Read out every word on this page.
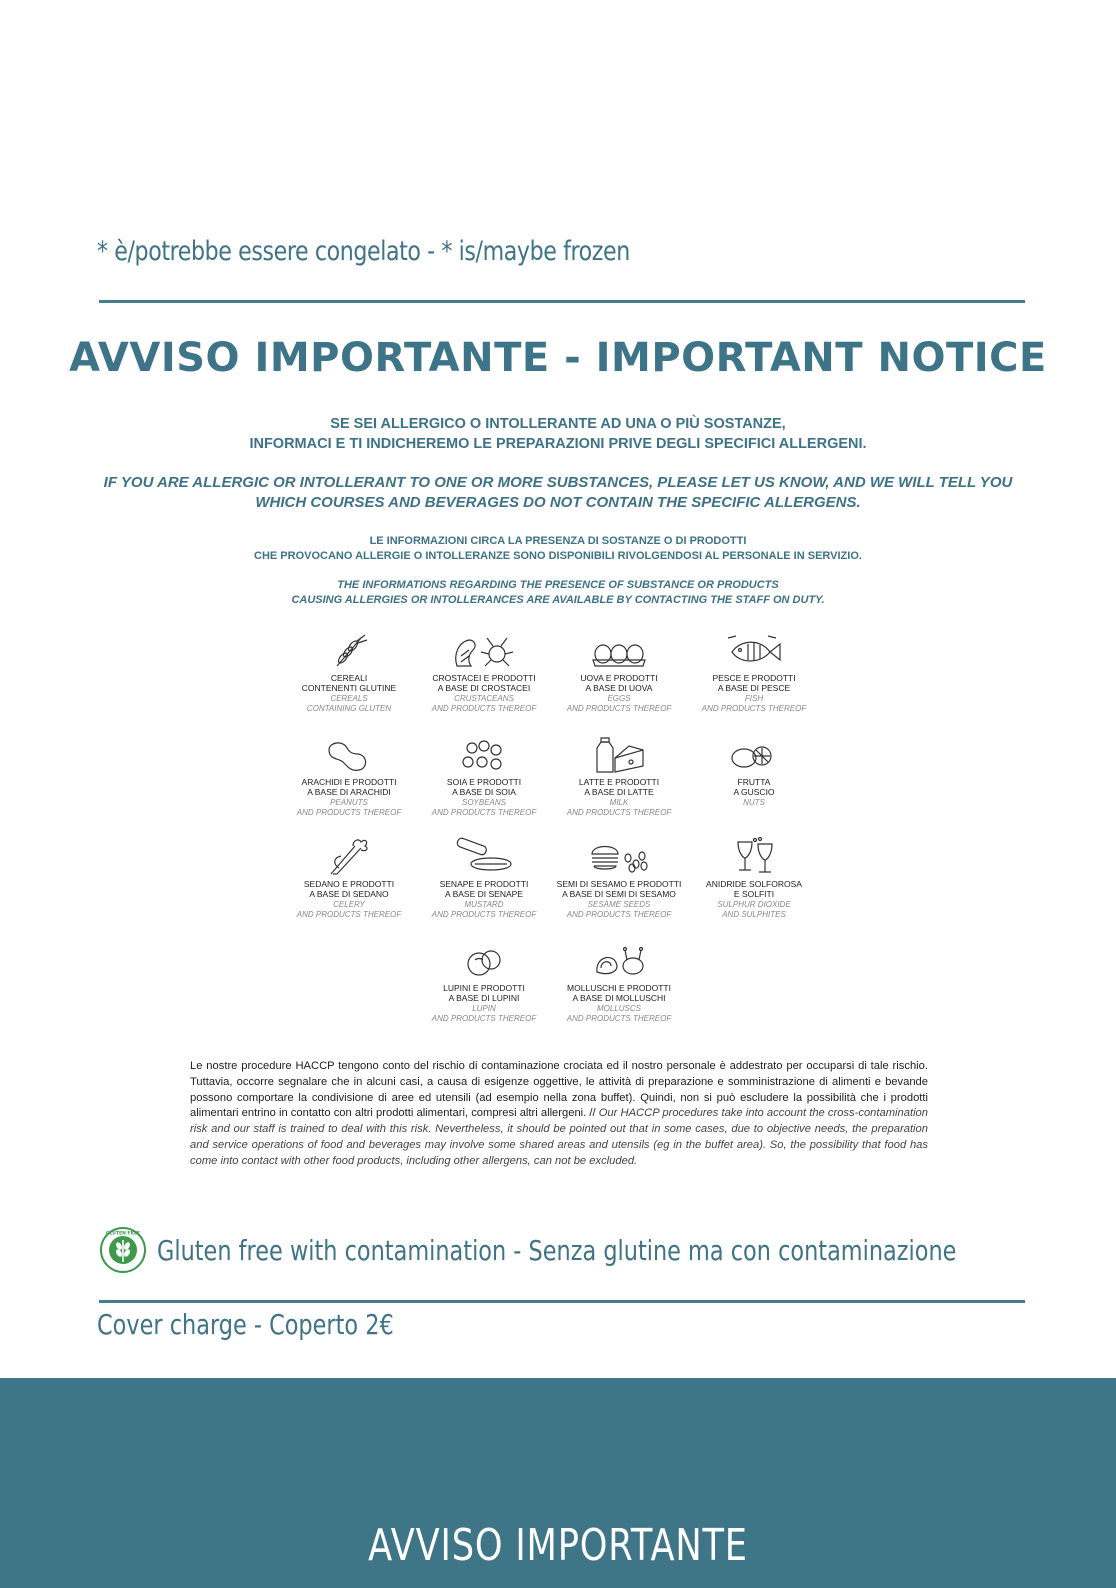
* è/potrebbe essere congelato - * is/maybe frozen
AVVISO IMPORTANTE - IMPORTANT NOTICE
SE SEI ALLERGICO O INTOLLERANTE AD UNA O PIÙ SOSTANZE,
INFORMACI E TI INDICHEREMO LE PREPARAZIONI PRIVE DEGLI SPECIFICI ALLERGENI.
IF YOU ARE ALLERGIC OR INTOLLERANT TO ONE OR MORE SUBSTANCES, PLEASE LET US KNOW, AND WE WILL TELL YOU
WHICH COURSES AND BEVERAGES DO NOT CONTAIN THE SPECIFIC ALLERGENS.
LE INFORMAZIONI CIRCA LA PRESENZA DI SOSTANZE O DI PRODOTTI
CHE PROVOCANO ALLERGIE O INTOLLERANZE SONO DISPONIBILI RIVOLGENDOSI AL PERSONALE IN SERVIZIO.
THE INFORMATIONS REGARDING THE PRESENCE OF SUBSTANCE OR PRODUCTS
CAUSING ALLERGIES OR INTOLLERANCES ARE AVAILABLE BY CONTACTING THE STAFF ON DUTY.
CEREALI
CONTENENTI GLUTINE
CEREALS
CONTAINING GLUTEN
CROSTACEI E PRODOTTI
A BASE DI CROSTACEI
CRUSTACEANS
AND PRODUCTS THEREOF
UOVA E PRODOTTI
A BASE DI UOVA
EGGS
AND PRODUCTS THEREOF
PESCE E PRODOTTI
A BASE DI PESCE
FISH
AND PRODUCTS THEREOF
ARACHIDI E PRODOTTI
A BASE DI ARACHIDI
PEANUTS
AND PRODUCTS THEREOF
SOIA E PRODOTTI
A BASE DI SOIA
SOYBEANS
AND PRODUCTS THEREOF
LATTE E PRODOTTI
A BASE DI LATTE
MILK
AND PRODUCTS THEREOF
FRUTTA
A GUSCIO
NUTS
SEDANO E PRODOTTI
A BASE DI SEDANO
CELERY
AND PRODUCTS THEREOF
SENAPE E PRODOTTI
A BASE DI SENAPE
MUSTARD
AND PRODUCTS THEREOF
SEMI DI SESAMO E PRODOTTI
A BASE DI SEMI DI SESAMO
SESAME SEEDS
AND PRODUCTS THEREOF
ANIDRIDE SOLFOROSA
E SOLFITI
SULPHUR DIOXIDE
AND SULPHITES
LUPINI E PRODOTTI
A BASE DI LUPINI
LUPIN
AND PRODUCTS THEREOF
MOLLUSCHI E PRODOTTI
A BASE DI MOLLUSCHI
MOLLUSCS
AND PRODUCTS THEREOF
Le nostre procedure HACCP tengono conto del rischio di contaminazione crociata ed il nostro personale è addestrato per occuparsi di tale rischio. Tuttavia, occorre segnalare che in alcuni casi, a causa di esigenze oggettive, le attività di preparazione e somministrazione di alimenti e bevande possono comportare la condivisione di aree ed utensili (ad esempio nella zona buffet). Quindi, non si può escludere la possibilità che i prodotti alimentari entrino in contatto con altri prodotti alimentari, compresi altri allergeni. // Our HACCP procedures take into account the cross-contamination risk and our staff is trained to deal with this risk. Nevertheless, it should be pointed out that in some cases, due to objective needs, the preparation and service operations of food and beverages may involve some shared areas and utensils (eg in the buffet area). So, the possibility that food has come into contact with other food products, including other allergens, can not be excluded.
GLUTEN FREE Gluten free with contamination - Senza glutine ma con contaminazione
Cover charge - Coperto 2€
AVVISO IMPORTANTE
